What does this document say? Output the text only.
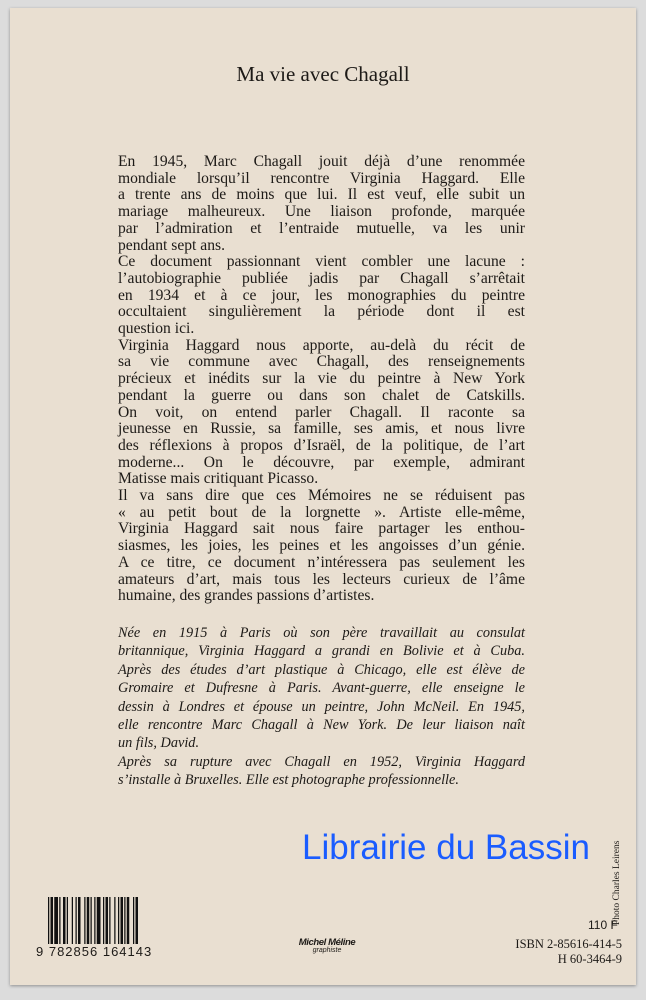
Ma vie avec Chagall
En 1945, Marc Chagall jouit déjà d’une renommée
mondiale lorsqu’il rencontre Virginia Haggard. Elle
a trente ans de moins que lui. Il est veuf, elle subit un
mariage malheureux. Une liaison profonde, marquée
par l’admiration et l’entraide mutuelle, va les unir
pendant sept ans.
Ce document passionnant vient combler une lacune :
l’autobiographie publiée jadis par Chagall s’arrêtait
en 1934 et à ce jour, les monographies du peintre
occultaient singulièrement la période dont il est
question ici.
Virginia Haggard nous apporte, au-delà du récit de
sa vie commune avec Chagall, des renseignements
précieux et inédits sur la vie du peintre à New York
pendant la guerre ou dans son chalet de Catskills.
On voit, on entend parler Chagall. Il raconte sa
jeunesse en Russie, sa famille, ses amis, et nous livre
des réflexions à propos d’Israël, de la politique, de l’art
moderne... On le découvre, par exemple, admirant
Matisse mais critiquant Picasso.
Il va sans dire que ces Mémoires ne se réduisent pas
« au petit bout de la lorgnette ». Artiste elle-même,
Virginia Haggard sait nous faire partager les enthou-
siasmes, les joies, les peines et les angoisses d’un génie.
A ce titre, ce document n’intéressera pas seulement les
amateurs d’art, mais tous les lecteurs curieux de l’âme
humaine, des grandes passions d’artistes.
Née en 1915 à Paris où son père travaillait au consulat
britannique, Virginia Haggard a grandi en Bolivie et à Cuba.
Après des études d’art plastique à Chicago, elle est élève de
Gromaire et Dufresne à Paris. Avant-guerre, elle enseigne le
dessin à Londres et épouse un peintre, John McNeil. En 1945,
elle rencontre Marc Chagall à New York. De leur liaison naît
un fils, David.
Après sa rupture avec Chagall en 1952, Virginia Haggard
s’installe à Bruxelles. Elle est photographe professionnelle.
Librairie du Bassin Photo Charles Leirens
9 782856 164143
Michel Méline
graphiste
110 F
ISBN 2-85616-414-5
H 60-3464-9
